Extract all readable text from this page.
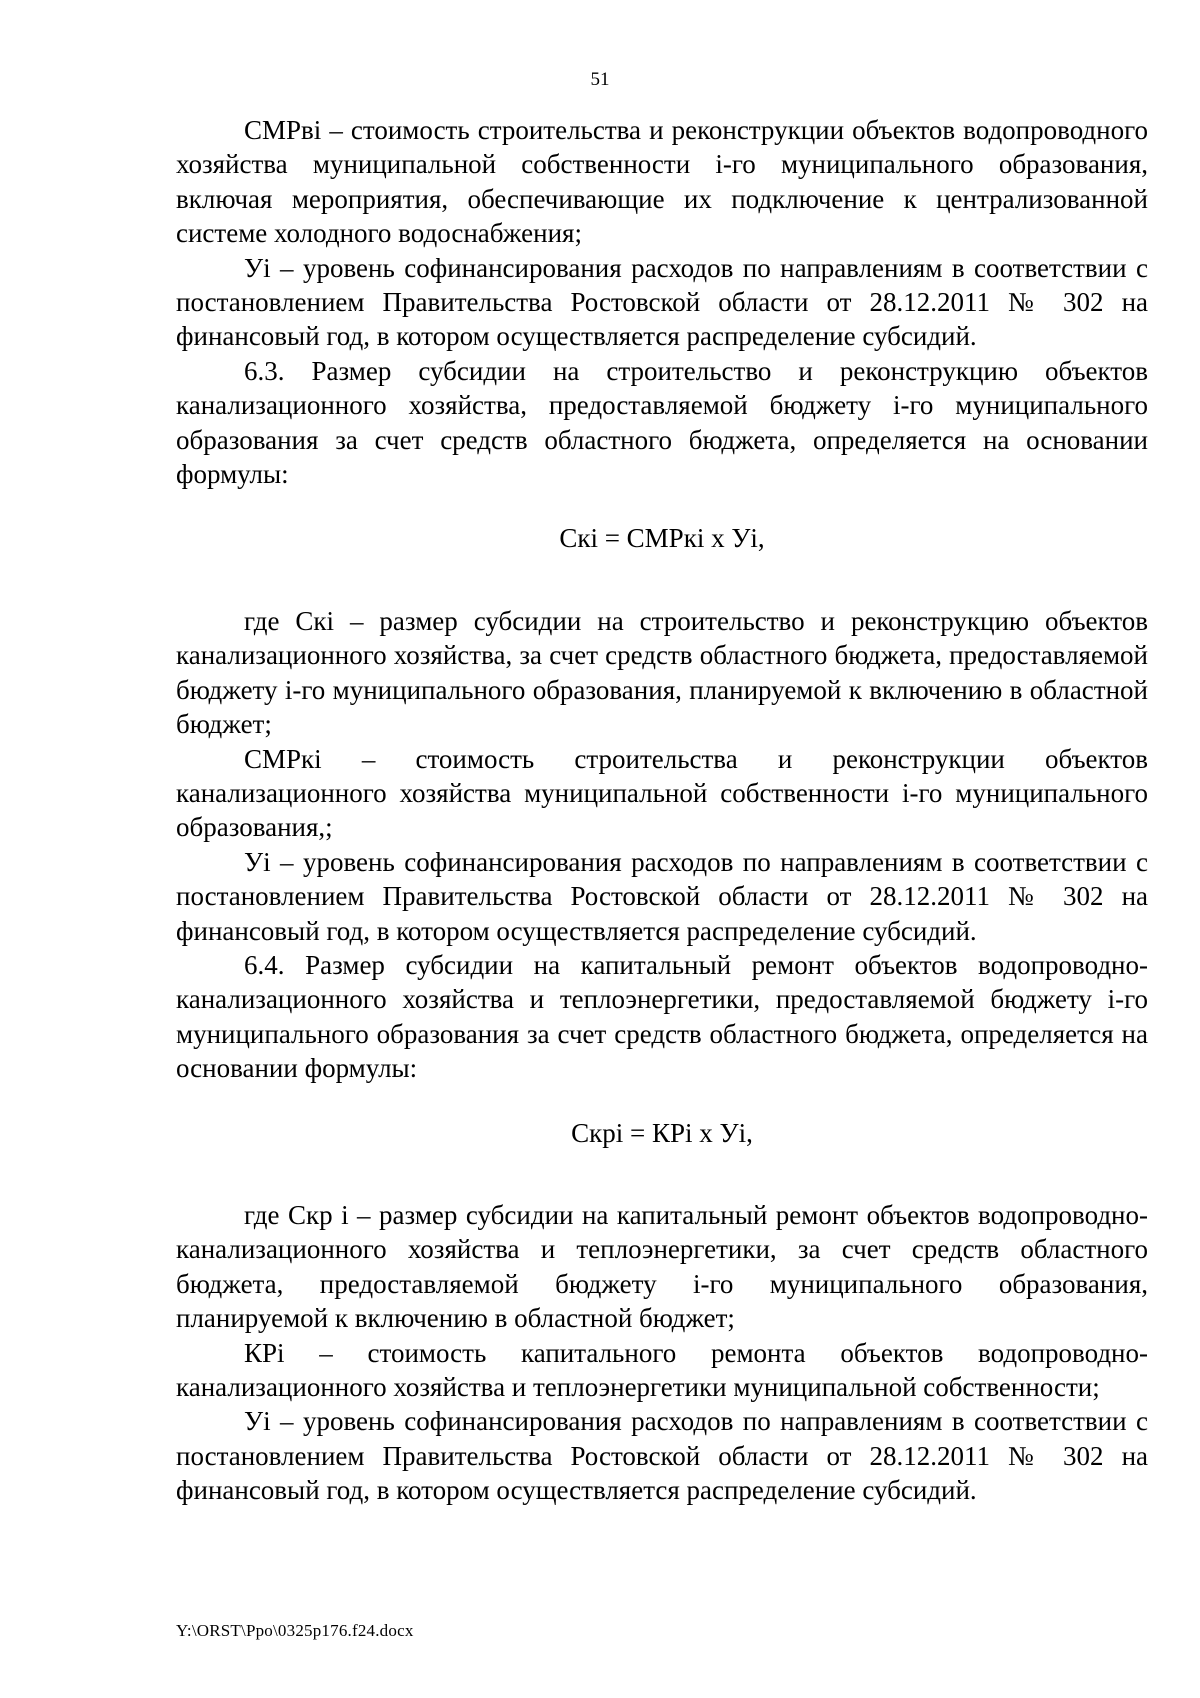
51

СМРвi – стоимость строительства и реконструкции объектов водопроводного хозяйства муниципальной собственности i-го муниципального образования, включая мероприятия, обеспечивающие их подключение к централизованной системе холодного водоснабжения;

Уi – уровень софинансирования расходов по направлениям в соответствии с постановлением Правительства Ростовской области от 28.12.2011 № 302 на финансовый год, в котором осуществляется распределение субсидий.

6.3. Размер субсидии на строительство и реконструкцию объектов канализационного хозяйства, предоставляемой бюджету i-го муниципального образования за счет средств областного бюджета, определяется на основании формулы:

Скi = СМРкi х Уi,

где Скi – размер субсидии на строительство и реконструкцию объектов канализационного хозяйства, за счет средств областного бюджета, предоставляемой бюджету i-го муниципального образования, планируемой к включению в областной бюджет;

СМРкi – стоимость строительства и реконструкции объектов канализационного хозяйства муниципальной собственности i-го муниципального образования,;

Уi – уровень софинансирования расходов по направлениям в соответствии с постановлением Правительства Ростовской области от 28.12.2011 № 302 на финансовый год, в котором осуществляется распределение субсидий.

6.4. Размер субсидии на капитальный ремонт объектов водопроводно-канализационного хозяйства и теплоэнергетики, предоставляемой бюджету i-го муниципального образования за счет средств областного бюджета, определяется на основании формулы:

Скрi = КРi х Уi,

где Скр i – размер субсидии на капитальный ремонт объектов водопроводно-канализационного хозяйства и теплоэнергетики, за счет средств областного бюджета, предоставляемой бюджету i-го муниципального образования, планируемой к включению в областной бюджет;

КРi – стоимость капитального ремонта объектов водопроводно-канализационного хозяйства и теплоэнергетики муниципальной собственности;

Уi – уровень софинансирования расходов по направлениям в соответствии с постановлением Правительства Ростовской области от 28.12.2011 № 302 на финансовый год, в котором осуществляется распределение субсидий.

Y:\ORST\Ppo\0325p176.f24.docx
